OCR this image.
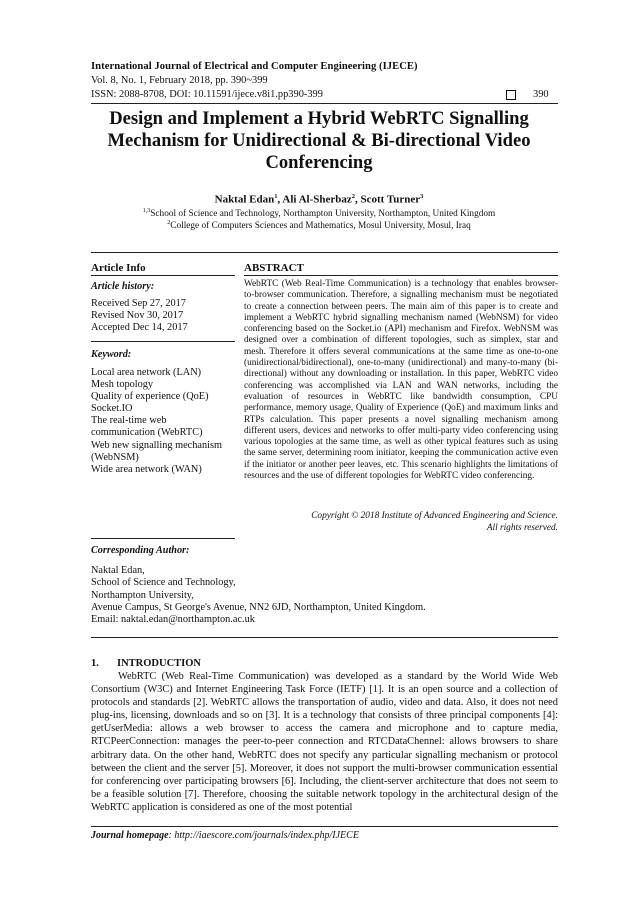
International Journal of Electrical and Computer Engineering (IJECE)
Vol. 8, No. 1, February 2018, pp. 390~399
ISSN: 2088-8708, DOI: 10.11591/ijece.v8i1.pp390-399	390
Design and Implement a Hybrid WebRTC Signalling
Mechanism for Unidirectional & Bi-directional Video
Conferencing
Naktal Edan$^1$, Ali Al-Sherbaz$^2$, Scott Turner$^3$
$^{1,3}$School of Science and Technology, Northampton University, Northampton, United Kingdom
$^2$College of Computers Sciences and Mathematics, Mosul University, Mosul, Iraq
Article Info
Article history:
Received Sep 27, 2017
Revised Nov 30, 2017
Accepted Dec 14, 2017
Keyword:
Local area network (LAN)
Mesh topology
Quality of experience (QoE)
Socket.IO
The real-time web
communication (WebRTC)
Web new signalling mechanism
(WebNSM)
Wide area network (WAN)
ABSTRACT
WebRTC (Web Real-Time Communication) is a technology that enables browser-to-browser communication. Therefore, a signalling mechanism must be negotiated to create a connection between peers. The main aim of this paper is to create and implement a WebRTC hybrid signalling mechanism named (WebNSM) for video conferencing based on the Socket.io (API) mechanism and Firefox. WebNSM was designed over a combination of different topologies, such as simplex, star and mesh. Therefore it offers several communications at the same time as one-to-one (unidirectional/bidirectional), one-to-many (unidirectional) and many-to-many (bi-directional) without any downloading or installation. In this paper, WebRTC video conferencing was accomplished via LAN and WAN networks, including the evaluation of resources in WebRTC like bandwidth consumption, CPU performance, memory usage, Quality of Experience (QoE) and maximum links and RTPs calculation. This paper presents a novel signalling mechanism among different users, devices and networks to offer multi-party video conferencing using various topologies at the same time, as well as other typical features such as using the same server, determining room initiator, keeping the communication active even if the initiator or another peer leaves, etc. This scenario highlights the limitations of resources and the use of different topologies for WebRTC video conferencing.
Copyright © 2018 Institute of Advanced Engineering and Science.
All rights reserved.
Corresponding Author:
Naktal Edan,
School of Science and Technology,
Northampton University,
Avenue Campus, St George's Avenue, NN2 6JD, Northampton, United Kingdom.
Email: naktal.edan@northampton.ac.uk
1. INTRODUCTION
WebRTC (Web Real-Time Communication) was developed as a standard by the World Wide Web Consortium (W3C) and Internet Engineering Task Force (IETF) [1]. It is an open source and a collection of protocols and standards [2]. WebRTC allows the transportation of audio, video and data. Also, it does not need plug-ins, licensing, downloads and so on [3]. It is a technology that consists of three principal components [4]: getUserMedia: allows a web browser to access the camera and microphone and to capture media, RTCPeerConnection: manages the peer-to-peer connection and RTCDataChennel: allows browsers to share arbitrary data. On the other hand, WebRTC does not specify any particular signalling mechanism or protocol between the client and the server [5]. Moreover, it does not support the multi-browser communication essential for conferencing over participating browsers [6]. Including, the client-server architecture that does not seem to be a feasible solution [7]. Therefore, choosing the suitable network topology in the architectural design of the WebRTC application is considered as one of the most potential
Journal homepage: http://iaescore.com/journals/index.php/IJECE
